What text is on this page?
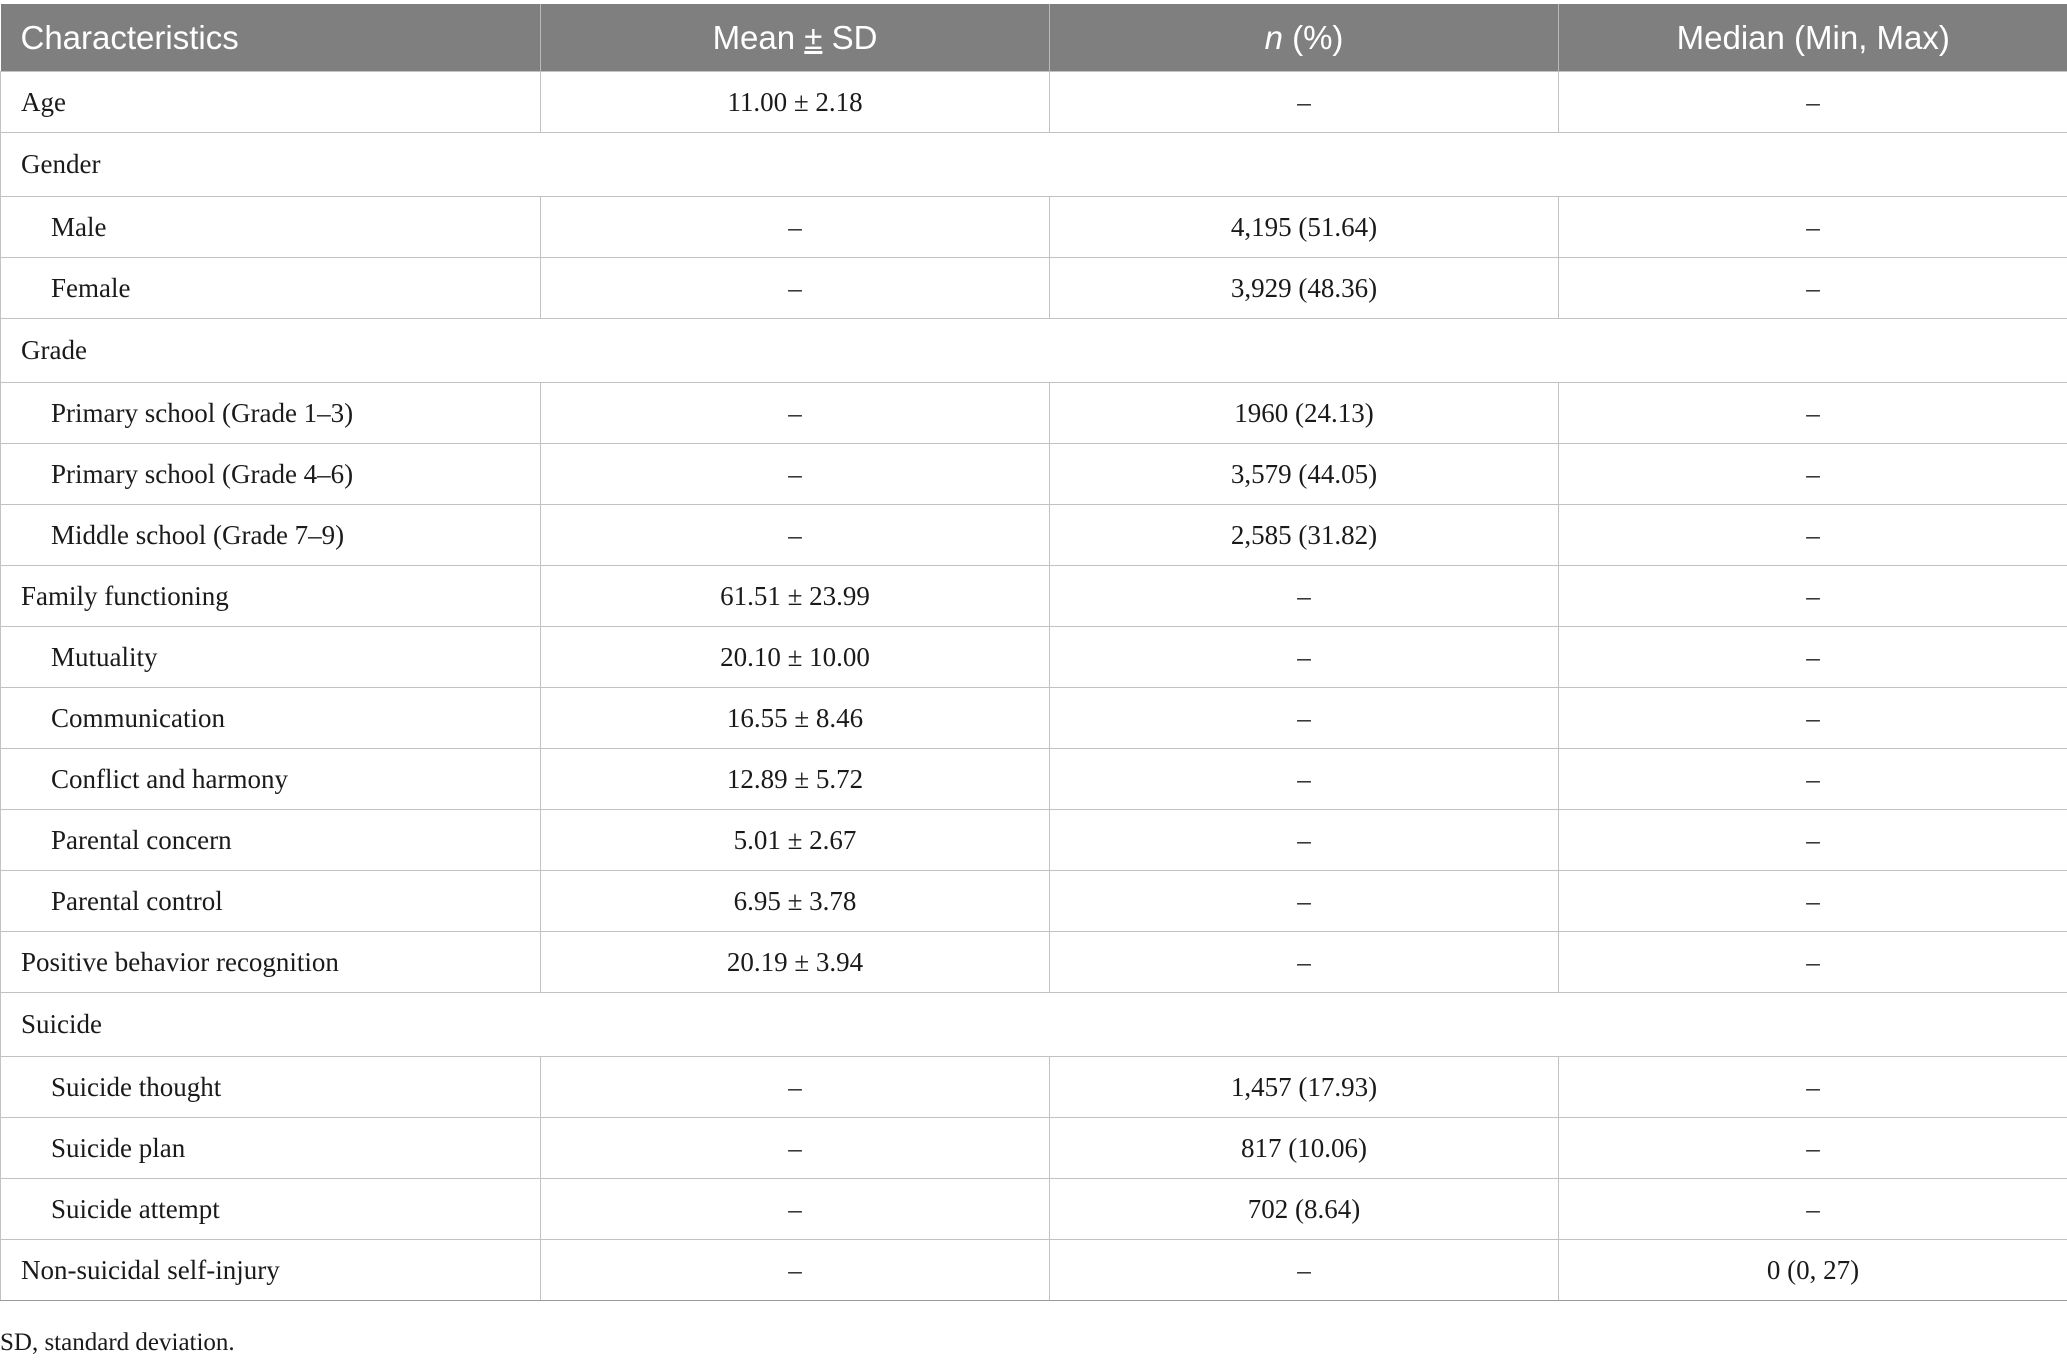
Characteristics	Mean ± SD	n (%)	Median (Min, Max)
Age	11.00 ± 2.18	–	–
Gender			
Male	–	4,195 (51.64)	–
Female	–	3,929 (48.36)	–
Grade			
Primary school (Grade 1–3)	–	1960 (24.13)	–
Primary school (Grade 4–6)	–	3,579 (44.05)	–
Middle school (Grade 7–9)	–	2,585 (31.82)	–
Family functioning	61.51 ± 23.99	–	–
Mutuality	20.10 ± 10.00	–	–
Communication	16.55 ± 8.46	–	–
Conflict and harmony	12.89 ± 5.72	–	–
Parental concern	5.01 ± 2.67	–	–
Parental control	6.95 ± 3.78	–	–
Positive behavior recognition	20.19 ± 3.94	–	–
Suicide			
Suicide thought	–	1,457 (17.93)	–
Suicide plan	–	817 (10.06)	–
Suicide attempt	–	702 (8.64)	–
Non-suicidal self-injury	–	–	0 (0, 27)
SD, standard deviation.
